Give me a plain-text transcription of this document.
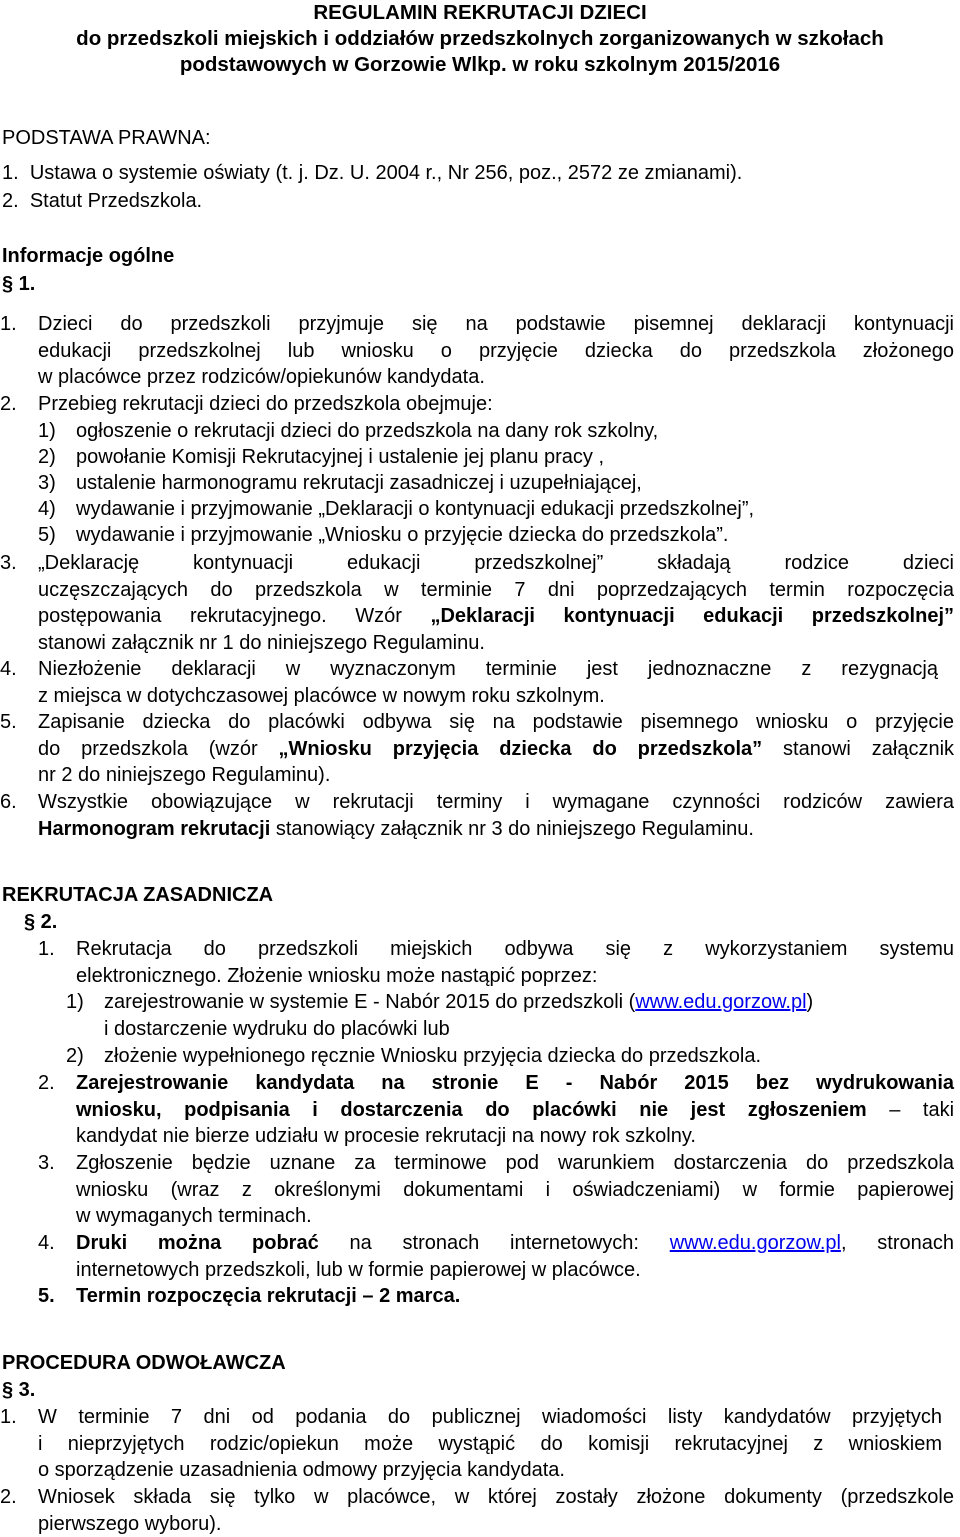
REGULAMIN REKRUTACJI DZIECI
do przedszkoli miejskich i oddziałów przedszkolnych zorganizowanych w szkołach
podstawowych w Gorzowie Wlkp. w roku szkolnym 2015/2016
PODSTAWA PRAWNA:
1. Ustawa o systemie oświaty (t. j. Dz. U. 2004 r., Nr 256, poz., 2572 ze zmianami).
2. Statut Przedszkola.
Informacje ogólne
§ 1.
1. Dzieci do przedszkoli przyjmuje się na podstawie pisemnej deklaracji kontynuacji
edukacji przedszkolnej lub wniosku o przyjęcie dziecka do przedszkola złożonego
w placówce przez rodziców/opiekunów kandydata.
2. Przebieg rekrutacji dzieci do przedszkola obejmuje:
1) ogłoszenie o rekrutacji dzieci do przedszkola na dany rok szkolny,
2) powołanie Komisji Rekrutacyjnej i ustalenie jej planu pracy ,
3) ustalenie harmonogramu rekrutacji zasadniczej i uzupełniającej,
4) wydawanie i przyjmowanie „Deklaracji o kontynuacji edukacji przedszkolnej”,
5) wydawanie i przyjmowanie „Wniosku o przyjęcie dziecka do przedszkola”.
3. „Deklarację kontynuacji edukacji przedszkolnej” składają rodzice dzieci
uczęszczających do przedszkola w terminie 7 dni poprzedzających termin rozpoczęcia
postępowania rekrutacyjnego. Wzór „Deklaracji kontynuacji edukacji przedszkolnej”
stanowi załącznik nr 1 do niniejszego Regulaminu.
4. Niezłożenie deklaracji w wyznaczonym terminie jest jednoznaczne z rezygnacją
z miejsca w dotychczasowej placówce w nowym roku szkolnym.
5. Zapisanie dziecka do placówki odbywa się na podstawie pisemnego wniosku o przyjęcie
do przedszkola (wzór „Wniosku przyjęcia dziecka do przedszkola” stanowi załącznik
nr 2 do niniejszego Regulaminu).
6. Wszystkie obowiązujące w rekrutacji terminy i wymagane czynności rodziców zawiera
Harmonogram rekrutacji stanowiący załącznik nr 3 do niniejszego Regulaminu.
REKRUTACJA ZASADNICZA
§ 2.
1. Rekrutacja do przedszkoli miejskich odbywa się z wykorzystaniem systemu
elektronicznego. Złożenie wniosku może nastąpić poprzez:
1) zarejestrowanie w systemie E - Nabór 2015 do przedszkoli (www.edu.gorzow.pl)
i dostarczenie wydruku do placówki lub
2) złożenie wypełnionego ręcznie Wniosku przyjęcia dziecka do przedszkola.
2. Zarejestrowanie kandydata na stronie E - Nabór 2015 bez wydrukowania
wniosku, podpisania i dostarczenia do placówki nie jest zgłoszeniem – taki
kandydat nie bierze udziału w procesie rekrutacji na nowy rok szkolny.
3. Zgłoszenie będzie uznane za terminowe pod warunkiem dostarczenia do przedszkola
wniosku (wraz z określonymi dokumentami i oświadczeniami) w formie papierowej
w wymaganych terminach.
4. Druki można pobrać na stronach internetowych: www.edu.gorzow.pl, stronach
internetowych przedszkoli, lub w formie papierowej w placówce.
5. Termin rozpoczęcia rekrutacji – 2 marca.
PROCEDURA ODWOŁAWCZA
§ 3.
1. W terminie 7 dni od podania do publicznej wiadomości listy kandydatów przyjętych
i nieprzyjętych rodzic/opiekun może wystąpić do komisji rekrutacyjnej z wnioskiem
o sporządzenie uzasadnienia odmowy przyjęcia kandydata.
2. Wniosek składa się tylko w placówce, w której zostały złożone dokumenty (przedszkole
pierwszego wyboru).
